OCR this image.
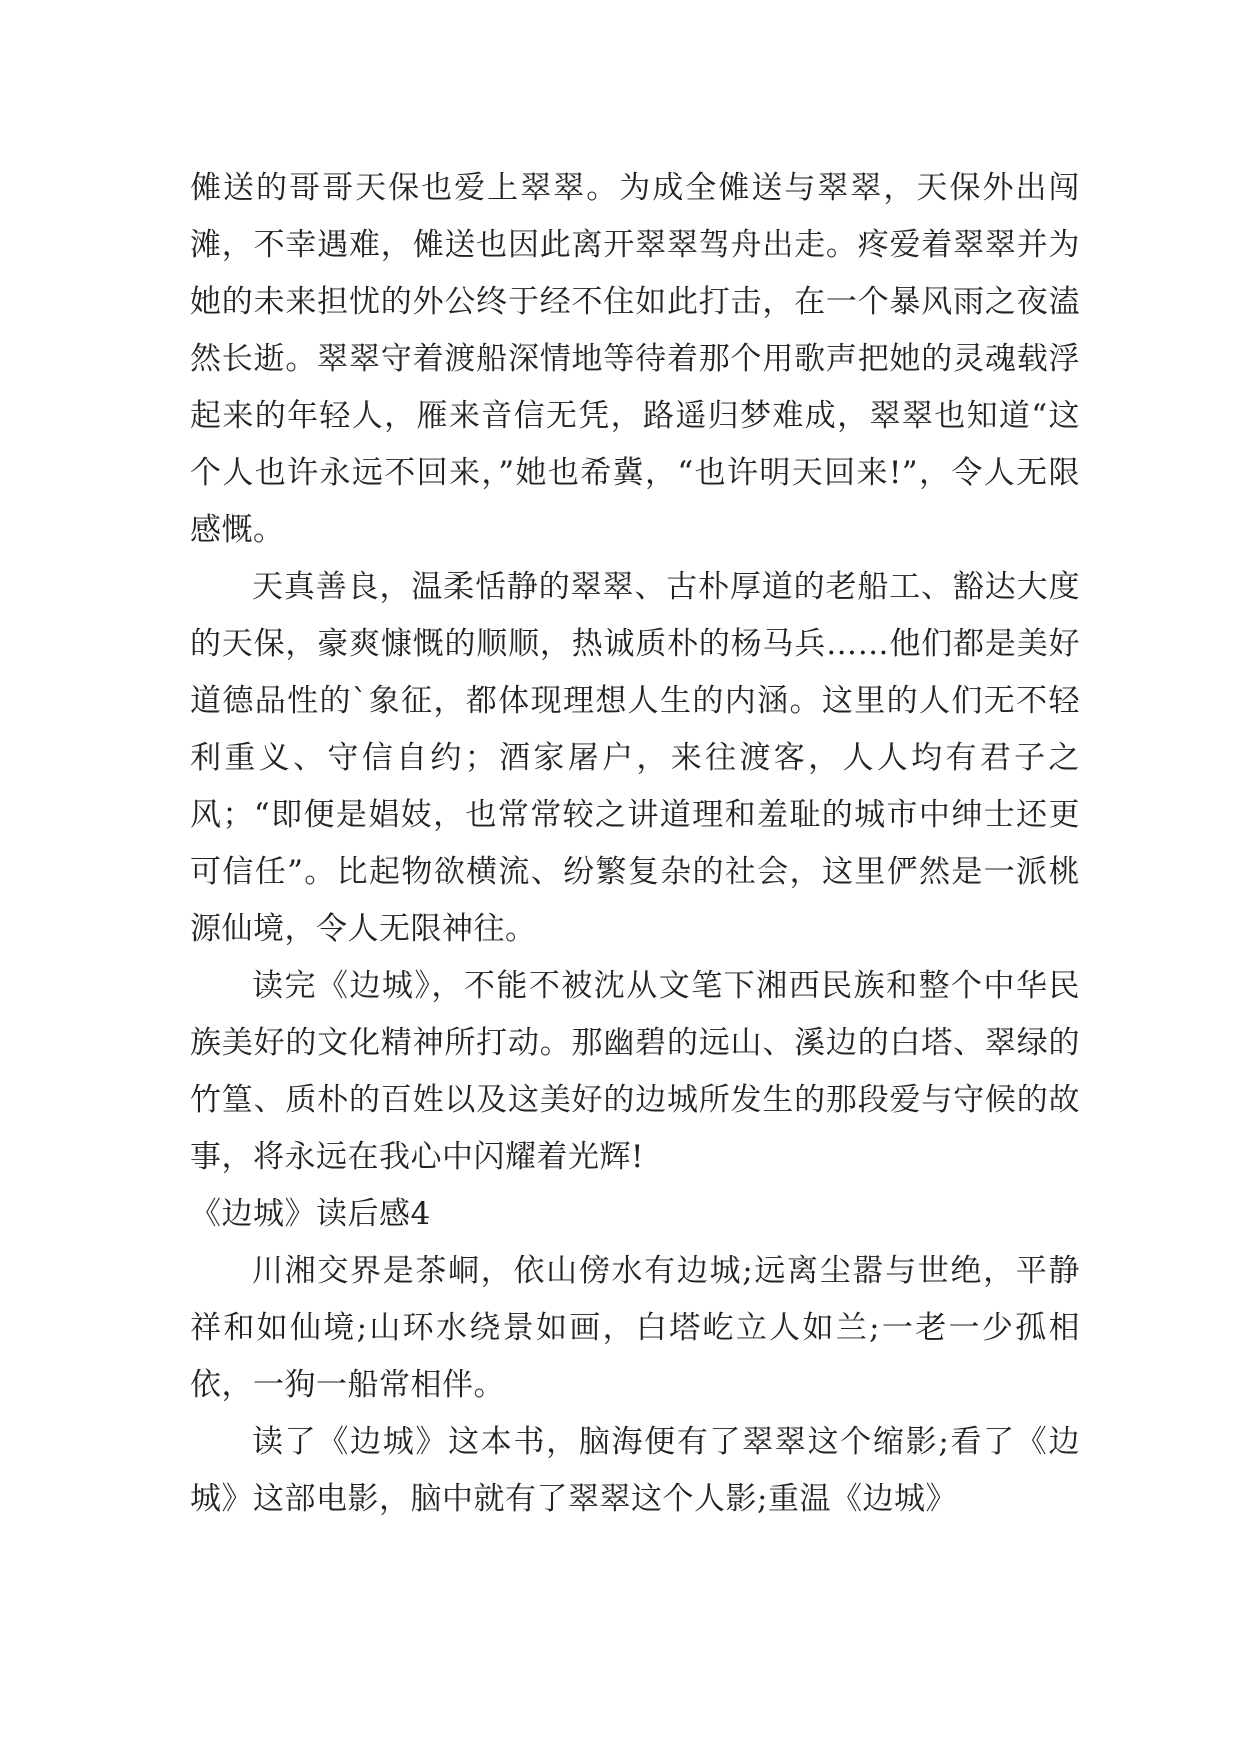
傩送的哥哥天保也爱上翠翠。为成全傩送与翠翠，天保外出闯滩，不幸遇难，傩送也因此离开翠翠驾舟出走。疼爱着翠翠并为她的未来担忧的外公终于经不住如此打击，在一个暴风雨之夜溘然长逝。翠翠守着渡船深情地等待着那个用歌声把她的灵魂载浮起来的年轻人，雁来音信无凭，路遥归梦难成，翠翠也知道“这个人也许永远不回来，”她也希冀，“也许明天回来!”，令人无限感慨。

天真善良，温柔恬静的翠翠、古朴厚道的老船工、豁达大度的天保，豪爽慷慨的顺顺，热诚质朴的杨马兵……他们都是美好道德品性的`象征，都体现理想人生的内涵。这里的人们无不轻利重义、守信自约；酒家屠户，来往渡客，人人均有君子之风；“即便是娼妓，也常常较之讲道理和羞耻的城市中绅士还更可信任”。比起物欲横流、纷繁复杂的社会，这里俨然是一派桃源仙境，令人无限神往。

读完《边城》，不能不被沈从文笔下湘西民族和整个中华民族美好的文化精神所打动。那幽碧的远山、溪边的白塔、翠绿的竹篁、质朴的百姓以及这美好的边城所发生的那段爱与守候的故事，将永远在我心中闪耀着光辉!

《边城》读后感4

川湘交界是茶峒，依山傍水有边城;远离尘嚣与世绝，平静祥和如仙境;山环水绕景如画，白塔屹立人如兰;一老一少孤相依，一狗一船常相伴。

读了《边城》这本书，脑海便有了翠翠这个缩影;看了《边城》这部电影，脑中就有了翠翠这个人影;重温《边城》
